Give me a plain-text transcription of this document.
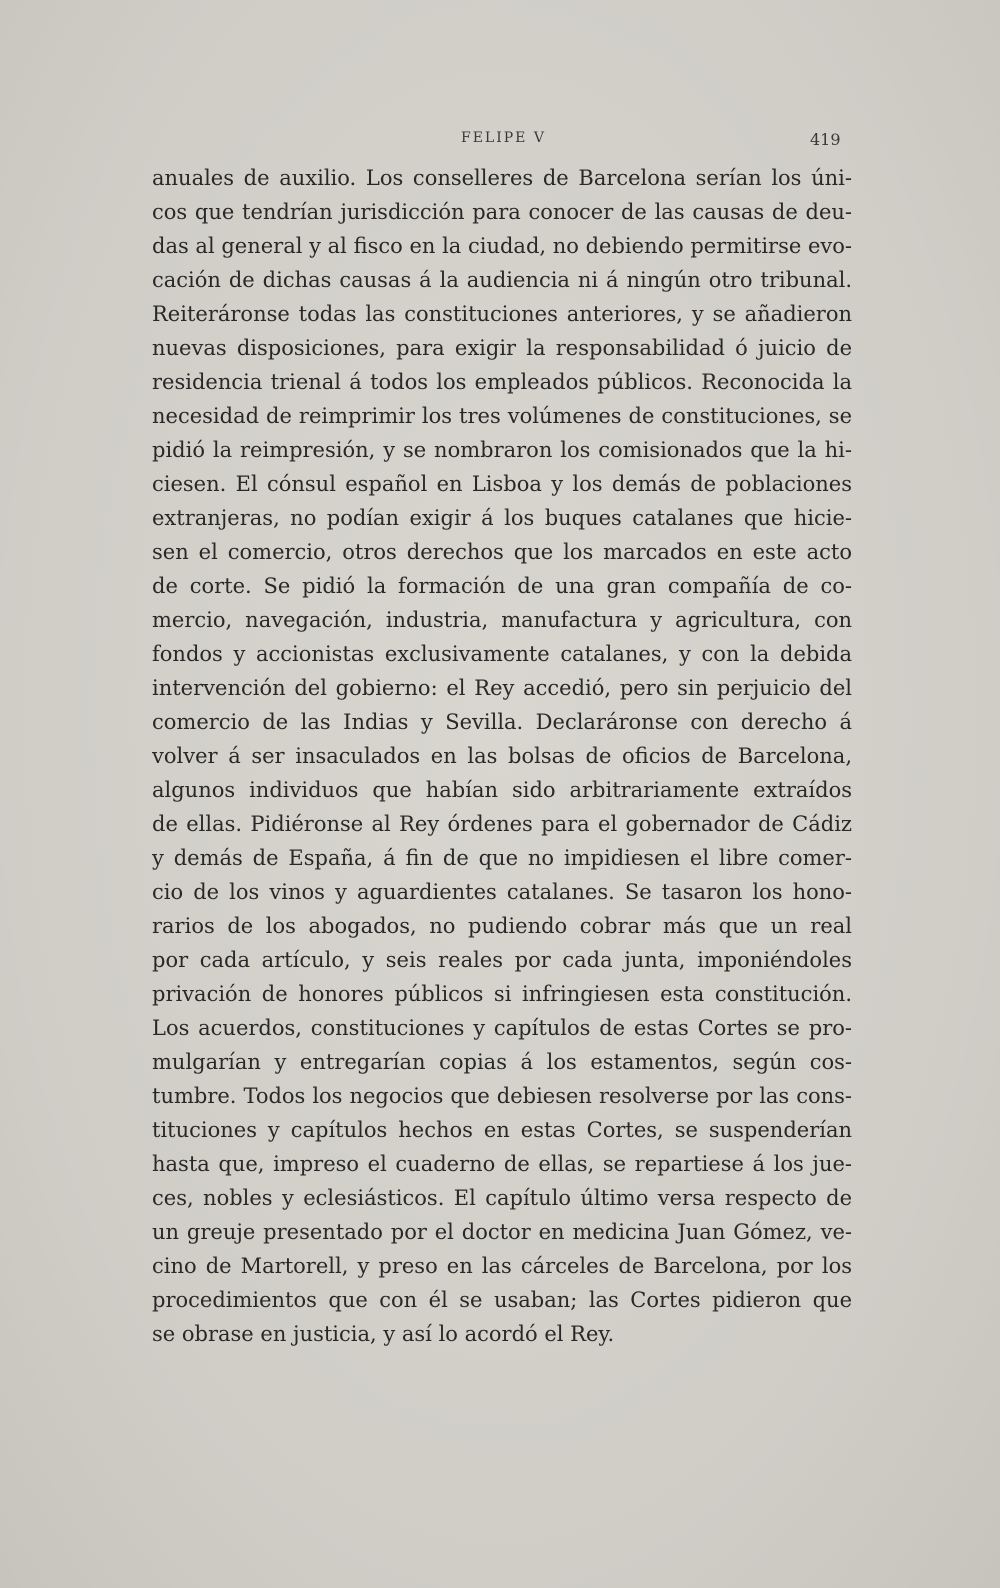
FELIPE V	419
anuales de auxilio. Los conselleres de Barcelona serían los úni-
cos que tendrían jurisdicción para conocer de las causas de deu-
das al general y al fisco en la ciudad, no debiendo permitirse evo-
cación de dichas causas á la audiencia ni á ningún otro tribunal.
Reiteráronse todas las constituciones anteriores, y se añadieron
nuevas disposiciones, para exigir la responsabilidad ó juicio de
residencia trienal á todos los empleados públicos. Reconocida la
necesidad de reimprimir los tres volúmenes de constituciones, se
pidió la reimpresión, y se nombraron los comisionados que la hi-
ciesen. El cónsul español en Lisboa y los demás de poblaciones
extranjeras, no podían exigir á los buques catalanes que hicie-
sen el comercio, otros derechos que los marcados en este acto
de corte. Se pidió la formación de una gran compañía de co-
mercio, navegación, industria, manufactura y agricultura, con
fondos y accionistas exclusivamente catalanes, y con la debida
intervención del gobierno: el Rey accedió, pero sin perjuicio del
comercio de las Indias y Sevilla. Declaráronse con derecho á
volver á ser insaculados en las bolsas de oficios de Barcelona,
algunos individuos que habían sido arbitrariamente extraídos
de ellas. Pidiéronse al Rey órdenes para el gobernador de Cádiz
y demás de España, á fin de que no impidiesen el libre comer-
cio de los vinos y aguardientes catalanes. Se tasaron los hono-
rarios de los abogados, no pudiendo cobrar más que un real
por cada artículo, y seis reales por cada junta, imponiéndoles
privación de honores públicos si infringiesen esta constitución.
Los acuerdos, constituciones y capítulos de estas Cortes se pro-
mulgarían y entregarían copias á los estamentos, según cos-
tumbre. Todos los negocios que debiesen resolverse por las cons-
tituciones y capítulos hechos en estas Cortes, se suspenderían
hasta que, impreso el cuaderno de ellas, se repartiese á los jue-
ces, nobles y eclesiásticos. El capítulo último versa respecto de
un greuje presentado por el doctor en medicina Juan Gómez, ve-
cino de Martorell, y preso en las cárceles de Barcelona, por los
procedimientos que con él se usaban; las Cortes pidieron que
se obrase en justicia, y así lo acordó el Rey.
